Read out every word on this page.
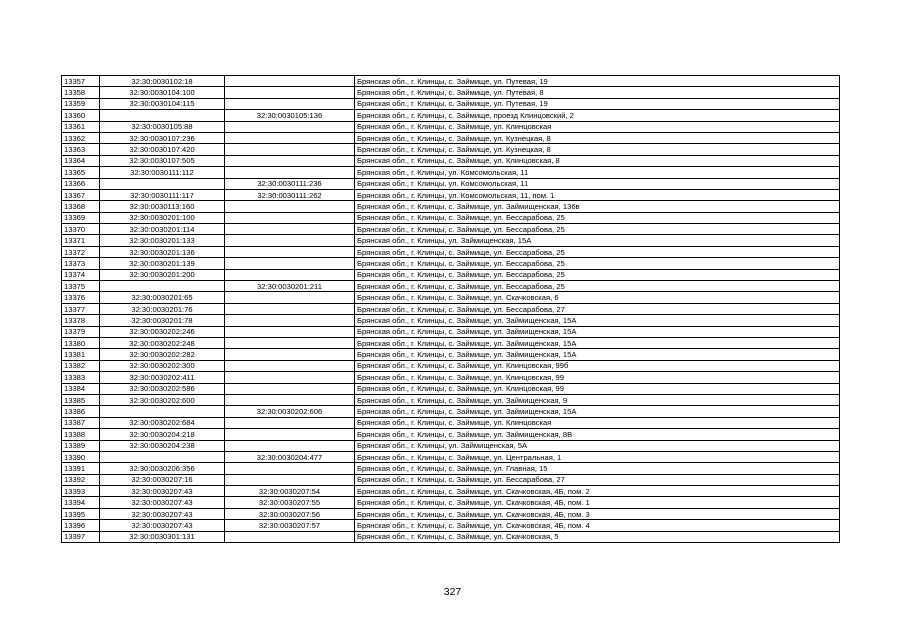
13357	32:30:0030102:18		Брянская обл., г. Клинцы, с. Займище, ул. Путевая, 19
13358	32:30:0030104:100		Брянская обл., г. Клинцы, с. Займище, ул. Путевая, 8
13359	32:30:0030104:115		Брянская обл., г. Клинцы, с. Займище, ул. Путевая, 19
13360		32:30:0030105:136	Брянская обл., г. Клинцы, с. Займище, проезд Клинцовский, 2
13361	32:30:0030105:88		Брянская обл., г. Клинцы, с. Займище, ул. Клинцовская
13362	32:30:0030107:236		Брянская обл., г. Клинцы, с. Займище, ул. Кузнецкая, 8
13363	32:30:0030107:420		Брянская обл., г. Клинцы, с. Займище, ул. Кузнецкая, 8
13364	32:30:0030107:505		Брянская обл., г. Клинцы, с. Займище, ул. Клинцовская, 8
13365	32:30:0030111:112		Брянская обл., г. Клинцы, ул. Комсомольская, 11
13366		32:30:0030111:236	Брянская обл., г. Клинцы, ул. Комсомольская, 11
13367	32:30:0030111:117	32:30:0030111:262	Брянская обл., г. Клинцы, ул. Комсомольская, 11, пом. 1
13368	32:30:0030113:160		Брянская обл., г. Клинцы, с. Займище, ул. Займищенская, 136в
13369	32:30:0030201:100		Брянская обл., г. Клинцы, с. Займище, ул. Бессарабова, 25
13370	32:30:0030201:114		Брянская обл., г. Клинцы, с. Займище, ул. Бессарабова, 25
13371	32:30:0030201:133		Брянская обл., г. Клинцы, ул. Займищенская, 15А
13372	32:30:0030201:136		Брянская обл., г. Клинцы, с. Займище, ул. Бессарабова, 25
13373	32:30:0030201:139		Брянская обл., г. Клинцы, с. Займище, ул. Бессарабова, 25
13374	32:30:0030201:200		Брянская обл., г. Клинцы, с. Займище, ул. Бессарабова, 25
13375		32:30:0030201:211	Брянская обл., г. Клинцы, с. Займище, ул. Бессарабова, 25
13376	32:30:0030201:65		Брянская обл., г. Клинцы, с. Займище, ул. Скачковская, 6
13377	32:30:0030201:76		Брянская обл., г. Клинцы, с. Займище, ул. Бессарабова, 27
13378	32:30:0030201:78		Брянская обл., г. Клинцы, с. Займище, ул. Займищенская, 15А
13379	32:30:0030202:246		Брянская обл., г. Клинцы, с. Займище, ул. Займищенская, 15А
13380	32:30:0030202:248		Брянская обл., г. Клинцы, с. Займище, ул. Займищенская, 15А
13381	32:30:0030202:282		Брянская обл., г. Клинцы, с. Займище, ул. Займищенская, 15А
13382	32:30:0030202:300		Брянская обл., г. Клинцы, с. Займище, ул. Клинцовская, 99б
13383	32:30:0030202:411		Брянская обл., г. Клинцы, с. Займище, ул. Клинцовская, 99
13384	32:30:0030202:586		Брянская обл., г. Клинцы, с. Займище, ул. Клинцовская, 99
13385	32:30:0030202:600		Брянская обл., г. Клинцы, с. Займище, ул. Займищенская, 9
13386		32:30:0030202:606	Брянская обл., г. Клинцы, с. Займище, ул. Займищенская, 15А
13387	32:30:0030202:684		Брянская обл., г. Клинцы, с. Займище, ул. Клинцовская
13388	32:30:0030204:218		Брянская обл., г. Клинцы, с. Займище, ул. Займищенская, 8В
13389	32:30:0030204:238		Брянская обл., г. Клинцы, ул. Займищенская, 5А
13390		32:30:0030204:477	Брянская обл., г. Клинцы, с. Займище, ул. Центральная, 1
13391	32:30:0030206:356		Брянская обл., г. Клинцы, с. Займище, ул. Главная, 15
13392	32:30:0030207:16		Брянская обл., г. Клинцы, с. Займище, ул. Бессарабова, 27
13393	32:30:0030207:43	32:30:0030207:54	Брянская обл., г. Клинцы, с. Займище, ул. Скачковская, 4Б, пом. 2
13394	32:30:0030207:43	32:30:0030207:55	Брянская обл., г. Клинцы, с. Займище, ул. Скачковская, 4Б, пом. 1
13395	32:30:0030207:43	32:30:0030207:56	Брянская обл., г. Клинцы, с. Займище, ул. Скачковская, 4Б, пом. 3
13396	32:30:0030207:43	32:30:0030207:57	Брянская обл., г. Клинцы, с. Займище, ул. Скачковская, 4Б, пом. 4
13397	32:30:0030301:131		Брянская обл., г. Клинцы, с. Займище, ул. Скачковская, 5
327
